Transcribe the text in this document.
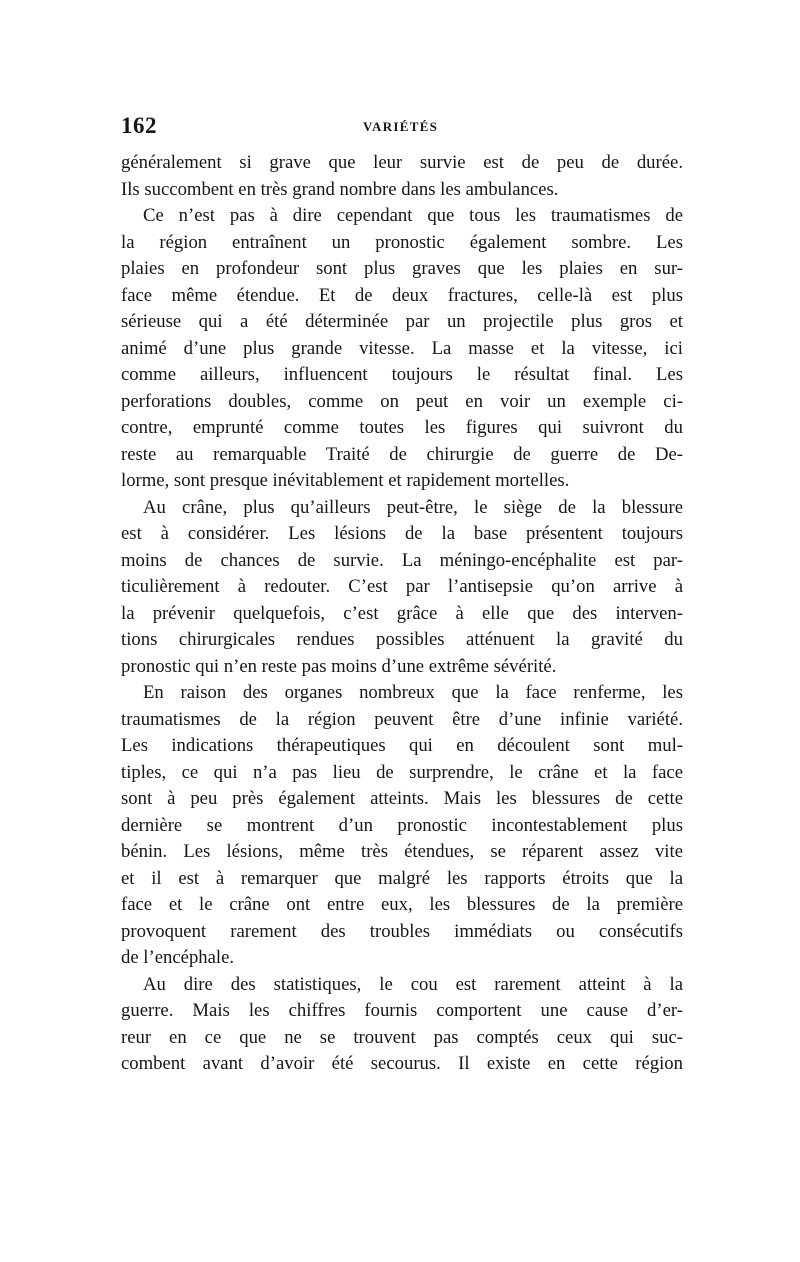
162	VARIÉTÉS
généralement si grave que leur survie est de peu de durée.
Ils succombent en très grand nombre dans les ambulances.
Ce n’est pas à dire cependant que tous les traumatismes de
la région entraînent un pronostic également sombre. Les
plaies en profondeur sont plus graves que les plaies en sur-
face même étendue. Et de deux fractures, celle-là est plus
sérieuse qui a été déterminée par un projectile plus gros et
animé d’une plus grande vitesse. La masse et la vitesse, ici
comme ailleurs, influencent toujours le résultat final. Les
perforations doubles, comme on peut en voir un exemple ci-
contre, emprunté comme toutes les figures qui suivront du
reste au remarquable Traité de chirurgie de guerre de De-
lorme, sont presque inévitablement et rapidement mortelles.
Au crâne, plus qu’ailleurs peut-être, le siège de la blessure
est à considérer. Les lésions de la base présentent toujours
moins de chances de survie. La méningo-encéphalite est par-
ticulièrement à redouter. C’est par l’antisepsie qu’on arrive à
la prévenir quelquefois, c’est grâce à elle que des interven-
tions chirurgicales rendues possibles atténuent la gravité du
pronostic qui n’en reste pas moins d’une extrême sévérité.
En raison des organes nombreux que la face renferme, les
traumatismes de la région peuvent être d’une infinie variété.
Les indications thérapeutiques qui en découlent sont mul-
tiples, ce qui n’a pas lieu de surprendre, le crâne et la face
sont à peu près également atteints. Mais les blessures de cette
dernière se montrent d’un pronostic incontestablement plus
bénin. Les lésions, même très étendues, se réparent assez vite
et il est à remarquer que malgré les rapports étroits que la
face et le crâne ont entre eux, les blessures de la première
provoquent rarement des troubles immédiats ou consécutifs
de l’encéphale.
Au dire des statistiques, le cou est rarement atteint à la
guerre. Mais les chiffres fournis comportent une cause d’er-
reur en ce que ne se trouvent pas comptés ceux qui suc-
combent avant d’avoir été secourus. Il existe en cette région
